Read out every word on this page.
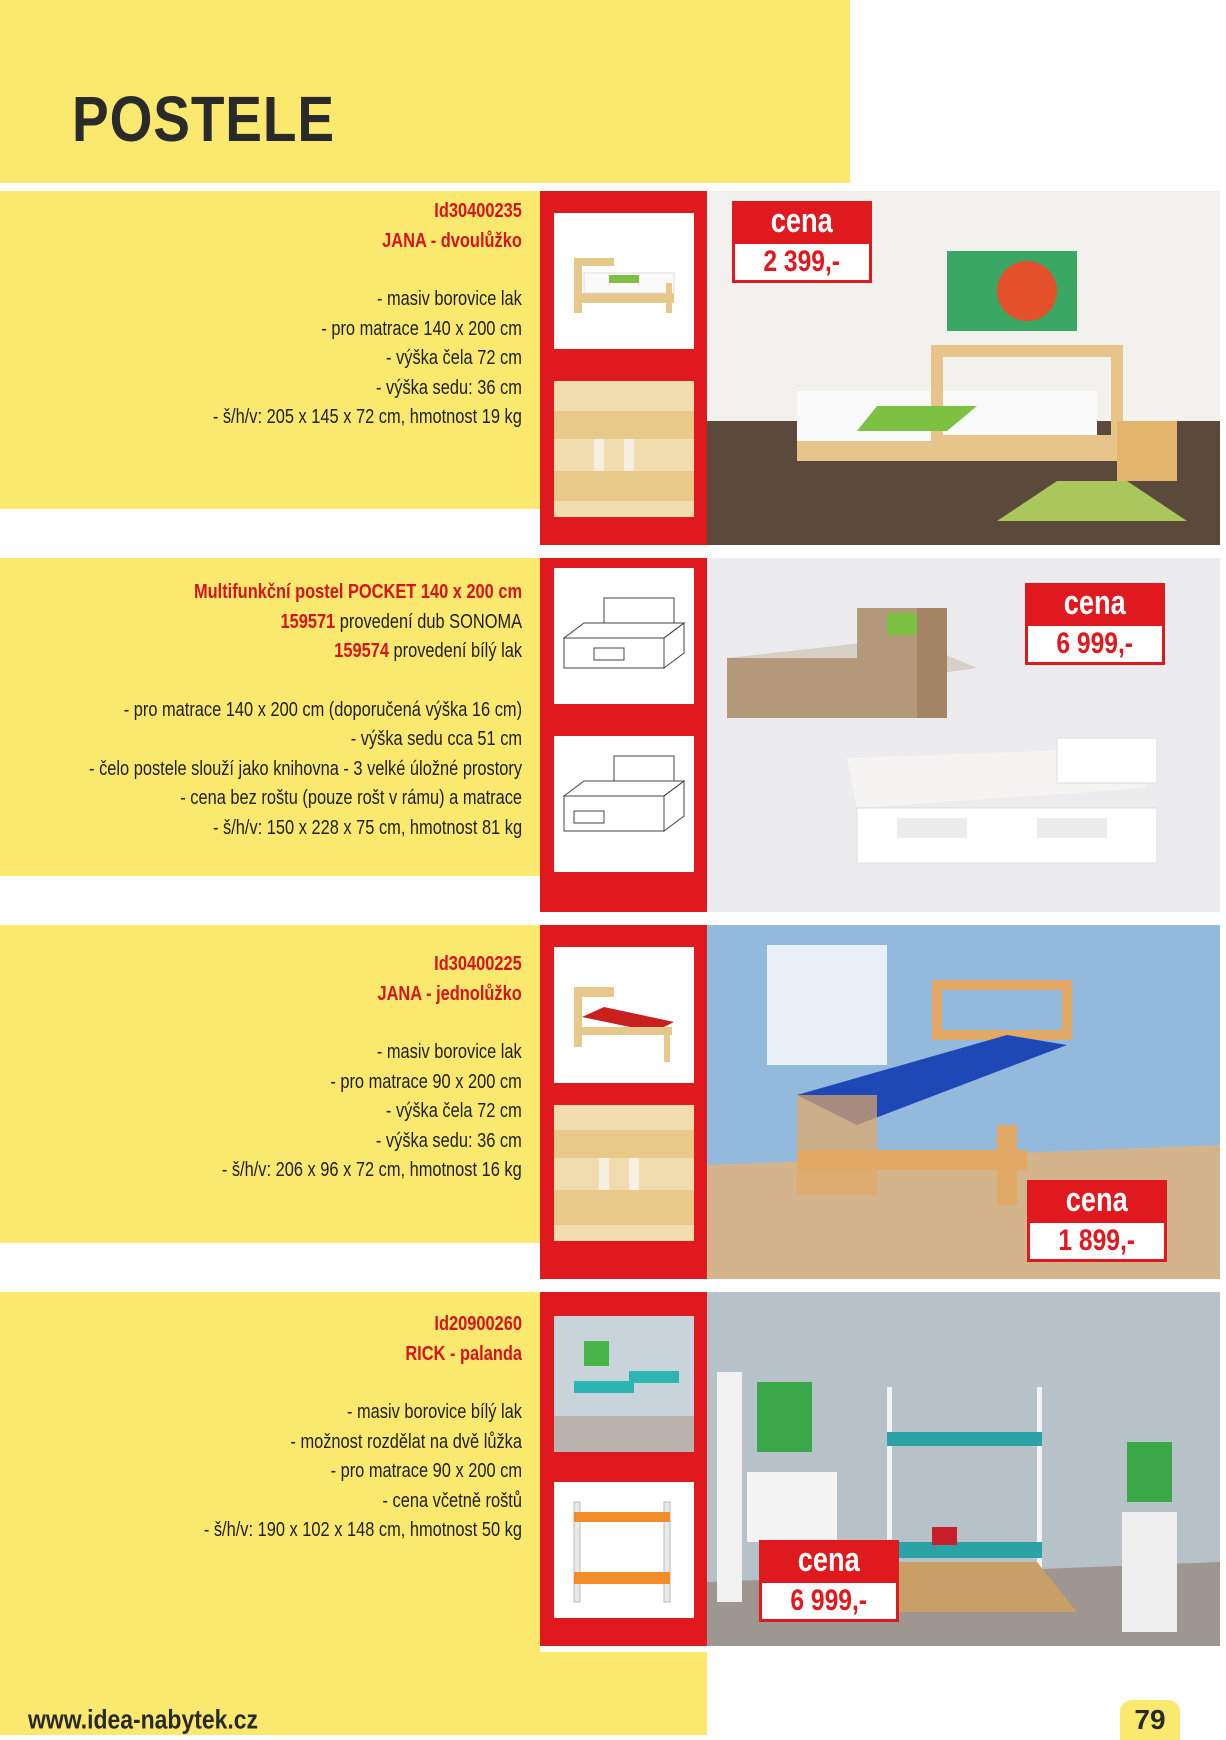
POSTELE
Id30400235
JANA - dvoulůžko
- masiv borovice lak
- pro matrace 140 x 200 cm
- výška čela 72 cm
- výška sedu: 36 cm
- š/h/v: 205 x 145 x 72 cm, hmotnost 19 kg
cena
2 399,-
Multifunkční postel POCKET 140 x 200 cm
159571 provedení dub SONOMA
159574 provedení bílý lak
- pro matrace 140 x 200 cm (doporučená výška 16 cm)
- výška sedu cca 51 cm
- čelo postele slouží jako knihovna - 3 velké úložné prostory
- cena bez roštu (pouze rošt v rámu) a matrace
- š/h/v: 150 x 228 x 75 cm, hmotnost 81 kg
cena
6 999,-
Id30400225
JANA - jednolůžko
- masiv borovice lak
- pro matrace 90 x 200 cm
- výška čela 72 cm
- výška sedu: 36 cm
- š/h/v: 206 x 96 x 72 cm, hmotnost 16 kg
cena
1 899,-
Id20900260
RICK - palanda
- masiv borovice bílý lak
- možnost rozdělat na dvě lůžka
- pro matrace 90 x 200 cm
- cena včetně roštů
- š/h/v: 190 x 102 x 148 cm, hmotnost 50 kg
cena
6 999,-
www.idea-nabytek.cz	79
